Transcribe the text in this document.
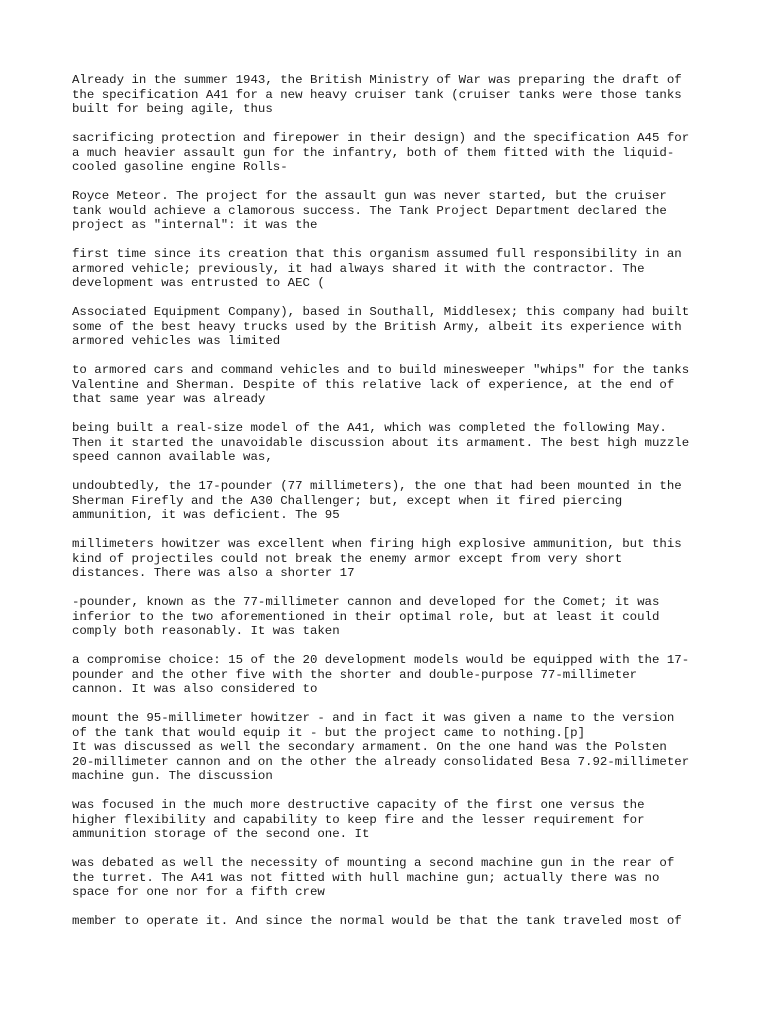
Already in the summer 1943, the British Ministry of War was preparing the draft of
the specification A41 for a new heavy cruiser tank (cruiser tanks were those tanks
built for being agile, thus

sacrificing protection and firepower in their design) and the specification A45 for
a much heavier assault gun for the infantry, both of them fitted with the liquid-
cooled gasoline engine Rolls-

Royce Meteor. The project for the assault gun was never started, but the cruiser
tank would achieve a clamorous success. The Tank Project Department declared the
project as "internal": it was the

first time since its creation that this organism assumed full responsibility in an
armored vehicle; previously, it had always shared it with the contractor. The
development was entrusted to AEC (

Associated Equipment Company), based in Southall, Middlesex; this company had built
some of the best heavy trucks used by the British Army, albeit its experience with
armored vehicles was limited

to armored cars and command vehicles and to build minesweeper "whips" for the tanks
Valentine and Sherman. Despite of this relative lack of experience, at the end of
that same year was already

being built a real-size model of the A41, which was completed the following May.
Then it started the unavoidable discussion about its armament. The best high muzzle
speed cannon available was,

undoubtedly, the 17-pounder (77 millimeters), the one that had been mounted in the
Sherman Firefly and the A30 Challenger; but, except when it fired piercing
ammunition, it was deficient. The 95

millimeters howitzer was excellent when firing high explosive ammunition, but this
kind of projectiles could not break the enemy armor except from very short
distances. There was also a shorter 17

-pounder, known as the 77-millimeter cannon and developed for the Comet; it was
inferior to the two aforementioned in their optimal role, but at least it could
comply both reasonably. It was taken

a compromise choice: 15 of the 20 development models would be equipped with the 17-
pounder and the other five with the shorter and double-purpose 77-millimeter
cannon. It was also considered to

mount the 95-millimeter howitzer - and in fact it was given a name to the version
of the tank that would equip it - but the project came to nothing.[p]

It was discussed as well the secondary armament. On the one hand was the Polsten
20-millimeter cannon and on the other the already consolidated Besa 7.92-millimeter
machine gun. The discussion

was focused in the much more destructive capacity of the first one versus the
higher flexibility and capability to keep fire and the lesser requirement for
ammunition storage of the second one. It

was debated as well the necessity of mounting a second machine gun in the rear of
the turret. The A41 was not fitted with hull machine gun; actually there was no
space for one nor for a fifth crew

member to operate it. And since the normal would be that the tank traveled most of
